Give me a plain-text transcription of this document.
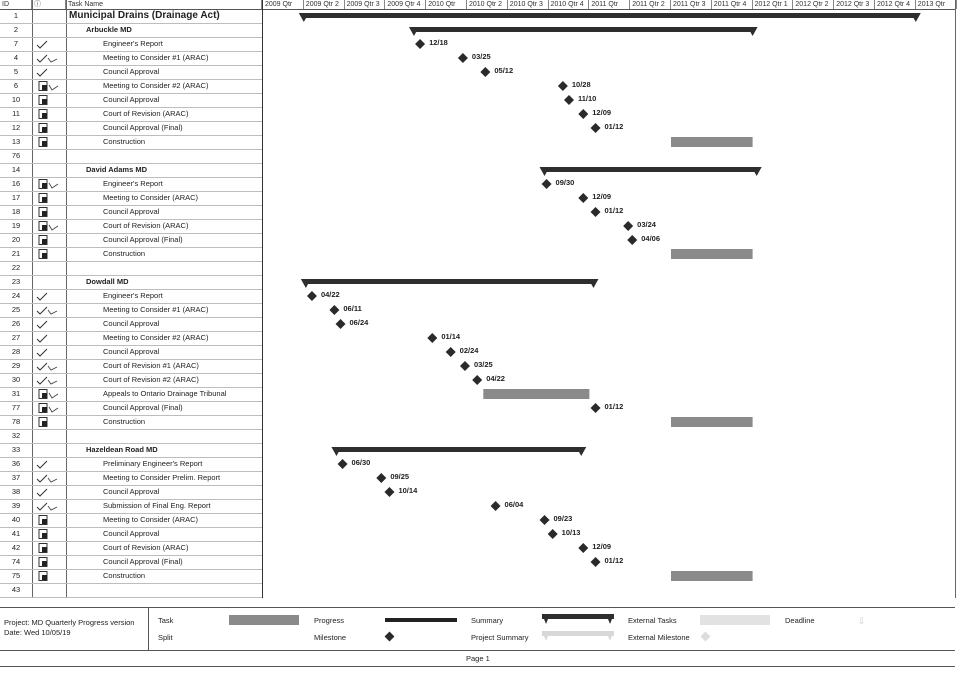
ID	ⓘ	Task Name	2009 Qtr	2009 Qtr 2	2009 Qtr 3	2009 Qtr 4	2010 Qtr	2010 Qtr 2	2010 Qtr 3	2010 Qtr 4	2011 Qtr	2011 Qtr 2	2011 Qtr 3	2011 Qtr 4	2012 Qtr 1	2012 Qtr 2	2012 Qtr 3	2012 Qtr 4	2013 Qtr
1	Municipal Drains (Drainage Act)
2	Arbuckle MD
7	Engineer's Report	12/18
4	Meeting to Consider #1 (ARAC)	03/25
5	Council Approval	05/12
6	Meeting to Consider #2 (ARAC)	10/28
10	Council Approval	11/10
11	Court of Revision (ARAC)	12/09
12	Council Approval (Final)	01/12
13	Construction
76
14	David Adams MD
16	Engineer's Report	09/30
17	Meeting to Consider (ARAC)	12/09
18	Council Approval	01/12
19	Court of Revision (ARAC)	03/24
20	Council Approval (Final)	04/06
21	Construction
22
23	Dowdall MD
24	Engineer's Report	04/22
25	Meeting to Consider #1 (ARAC)	06/11
26	Council Approval	06/24
27	Meeting to Consider #2 (ARAC)	01/14
28	Council Approval	02/24
29	Court of Revision #1 (ARAC)	03/25
30	Court of Revision #2 (ARAC)	04/22
31	Appeals to Ontario Drainage Tribunal
77	Council Approval (Final)	01/12
78	Construction
32
33	Hazeldean Road MD
36	Preliminary Engineer's Report	06/30
37	Meeting to Consider Prelim. Report	09/25
38	Council Approval	10/14
39	Submission of Final Eng. Report	06/04
40	Meeting to Consider (ARAC)	09/23
41	Council Approval	10/13
42	Court of Revision (ARAC)	12/09
74	Council Approval (Final)	01/12
75	Construction
43
Project: MD Quarterly Progress version
Date: Wed 10/05/19
Task
Split
Progress
Milestone
Summary
Project Summary
External Tasks
External Milestone
Deadline	⇩
Page 1
